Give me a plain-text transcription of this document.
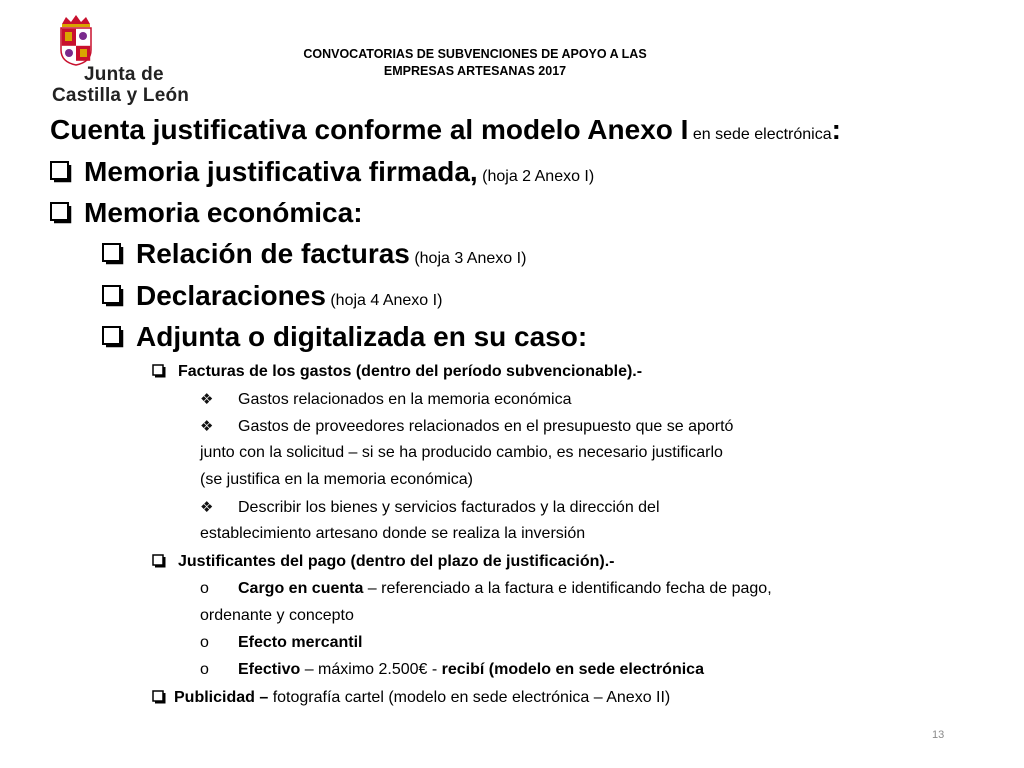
Junta de
Castilla y León
CONVOCATORIAS DE SUBVENCIONES DE APOYO A LAS
EMPRESAS ARTESANAS 2017
Cuenta justificativa conforme al modelo Anexo I en sede electrónica:
Memoria justificativa firmada, (hoja 2 Anexo I)
Memoria económica:
Relación de facturas (hoja 3 Anexo I)
Declaraciones (hoja 4 Anexo I)
Adjunta o digitalizada en su caso:
Facturas de los gastos (dentro del período subvencionable).-
❖ Gastos relacionados en la memoria económica
❖ Gastos de proveedores relacionados en el presupuesto que se aportó
junto con la solicitud – si se ha producido cambio, es necesario justificarlo
(se justifica en la memoria económica)
❖ Describir los bienes y servicios facturados y la dirección del
establecimiento artesano donde se realiza la inversión
Justificantes del pago (dentro del plazo de justificación).-
o Cargo en cuenta – referenciado a la factura e identificando fecha de pago,
ordenante y concepto
o Efecto mercantil
o Efectivo – máximo 2.500€ - recibí (modelo en sede electrónica
Publicidad – fotografía cartel (modelo en sede electrónica – Anexo II)
13
